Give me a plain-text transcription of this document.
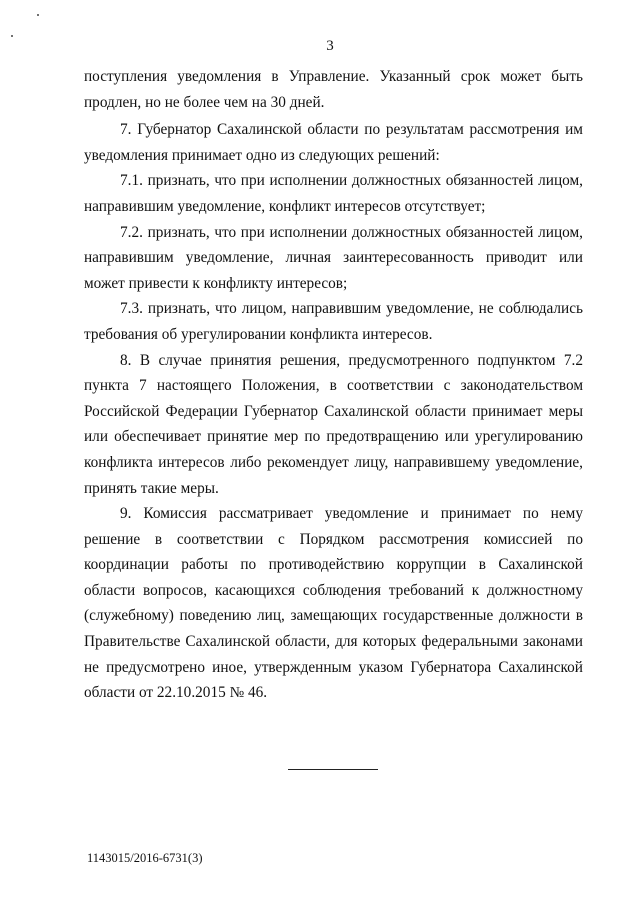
3

поступления уведомления в Управление. Указанный срок может быть продлен, но не более чем на 30 дней.

7. Губернатор Сахалинской области по результатам рассмотрения им уведомления принимает одно из следующих решений:

7.1. признать, что при исполнении должностных обязанностей лицом, направившим уведомление, конфликт интересов отсутствует;

7.2. признать, что при исполнении должностных обязанностей лицом, направившим уведомление, личная заинтересованность приводит или может привести к конфликту интересов;

7.3. признать, что лицом, направившим уведомление, не соблюдались требования об урегулировании конфликта интересов.

8. В случае принятия решения, предусмотренного подпунктом 7.2 пункта 7 настоящего Положения, в соответствии с законодательством Российской Федерации Губернатор Сахалинской области принимает меры или обеспечивает принятие мер по предотвращению или урегулированию конфликта интересов либо рекомендует лицу, направившему уведомление, принять такие меры.

9. Комиссия рассматривает уведомление и принимает по нему решение в соответствии с Порядком рассмотрения комиссией по координации работы по противодействию коррупции в Сахалинской области вопросов, касающихся соблюдения требований к должностному (служебному) поведению лиц, замещающих государственные должности в Правительстве Сахалинской области, для которых федеральными законами не предусмотрено иное, утвержденным указом Губернатора Сахалинской области от 22.10.2015 № 46.

1143015/2016-6731(3)
